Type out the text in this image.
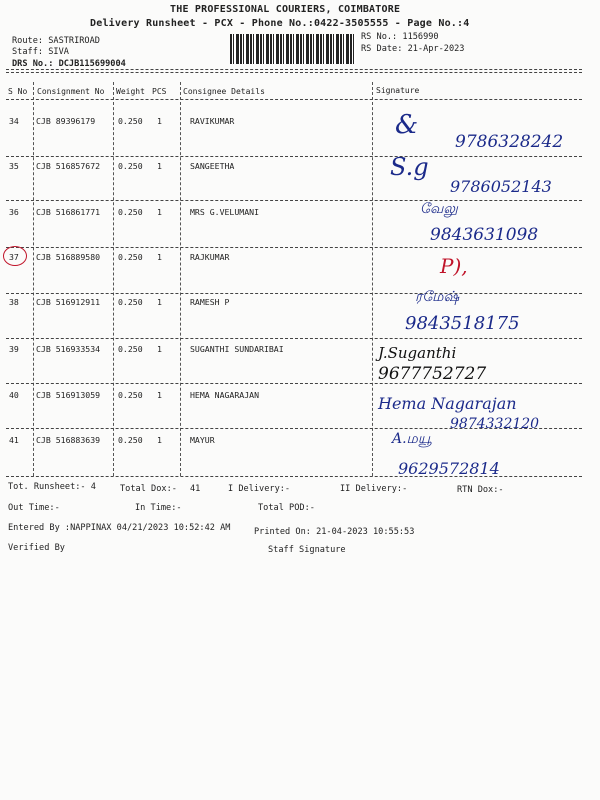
THE PROFESSIONAL COURIERS, COIMBATORE
Delivery Runsheet - PCX - Phone No.:0422-3505555 - Page No.:4
Route: SASTRIROAD
Staff: SIVA
DRS No.: DCJB115699004
RS No.: 1156990
RS Date: 21-Apr-2023
S No Consignment No Weight PCS Consignee Details	Signature
34 CJB 89396179	0.250 1	RAVIKUMAR	&
9786328242
35 CJB 516857672 0.250 1	SANGEETHA	S.g
9786052143
36 CJB 516861771 0.250 1	MRS G.VELUMANI	வேலு
9843631098
37 CJB 516889580 0.250 1	RAJKUMAR	P),
38 CJB 516912911 0.250 1	RAMESH P	ரமேஷ்
9843518175
39 CJB 516933534 0.250 1	SUGANTHI SUNDARIBAI	J.Suganthi
9677752727
40 CJB 516913059 0.250 1	HEMA NAGARAJAN	Hema Nagarajan
9874332120
41 CJB 516883639 0.250 1	MAYUR	A.மயூ
9629572814
Tot. Runsheet:- 4	Total Dox:- 41	I Delivery:-	II Delivery:-	RTN Dox:-
Out Time:-	In Time:-	Total POD:-
Entered By :NAPPINAX 04/21/2023 10:52:42 AM	Printed On: 21-04-2023 10:55:53
Verified By	Staff Signature
